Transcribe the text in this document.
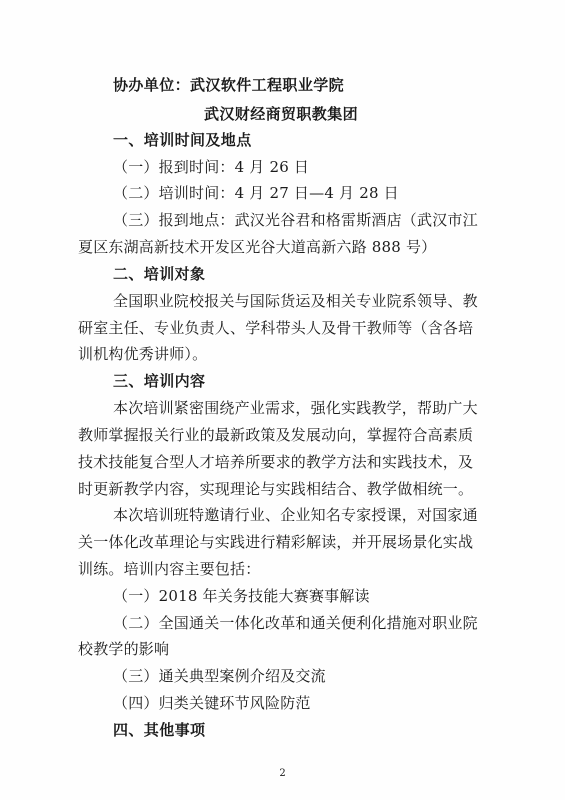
协办单位：武汉软件工程职业学院
武汉财经商贸职教集团
一、培训时间及地点
（一）报到时间：4 月 26 日
（二）培训时间：4 月 27 日—4 月 28 日
（三）报到地点：武汉光谷君和格雷斯酒店（武汉市江
夏区东湖高新技术开发区光谷大道高新六路 888 号）
二、培训对象
全国职业院校报关与国际货运及相关专业院系领导、教
研室主任、专业负责人、学科带头人及骨干教师等（含各培
训机构优秀讲师）。
三、培训内容
本次培训紧密围绕产业需求，强化实践教学，帮助广大
教师掌握报关行业的最新政策及发展动向，掌握符合高素质
技术技能复合型人才培养所要求的教学方法和实践技术，及
时更新教学内容，实现理论与实践相结合、教学做相统一。
本次培训班特邀请行业、企业知名专家授课，对国家通
关一体化改革理论与实践进行精彩解读，并开展场景化实战
训练。培训内容主要包括：
（一）2018 年关务技能大赛赛事解读
（二）全国通关一体化改革和通关便利化措施对职业院
校教学的影响
（三）通关典型案例介绍及交流
（四）归类关键环节风险防范
四、其他事项
2
